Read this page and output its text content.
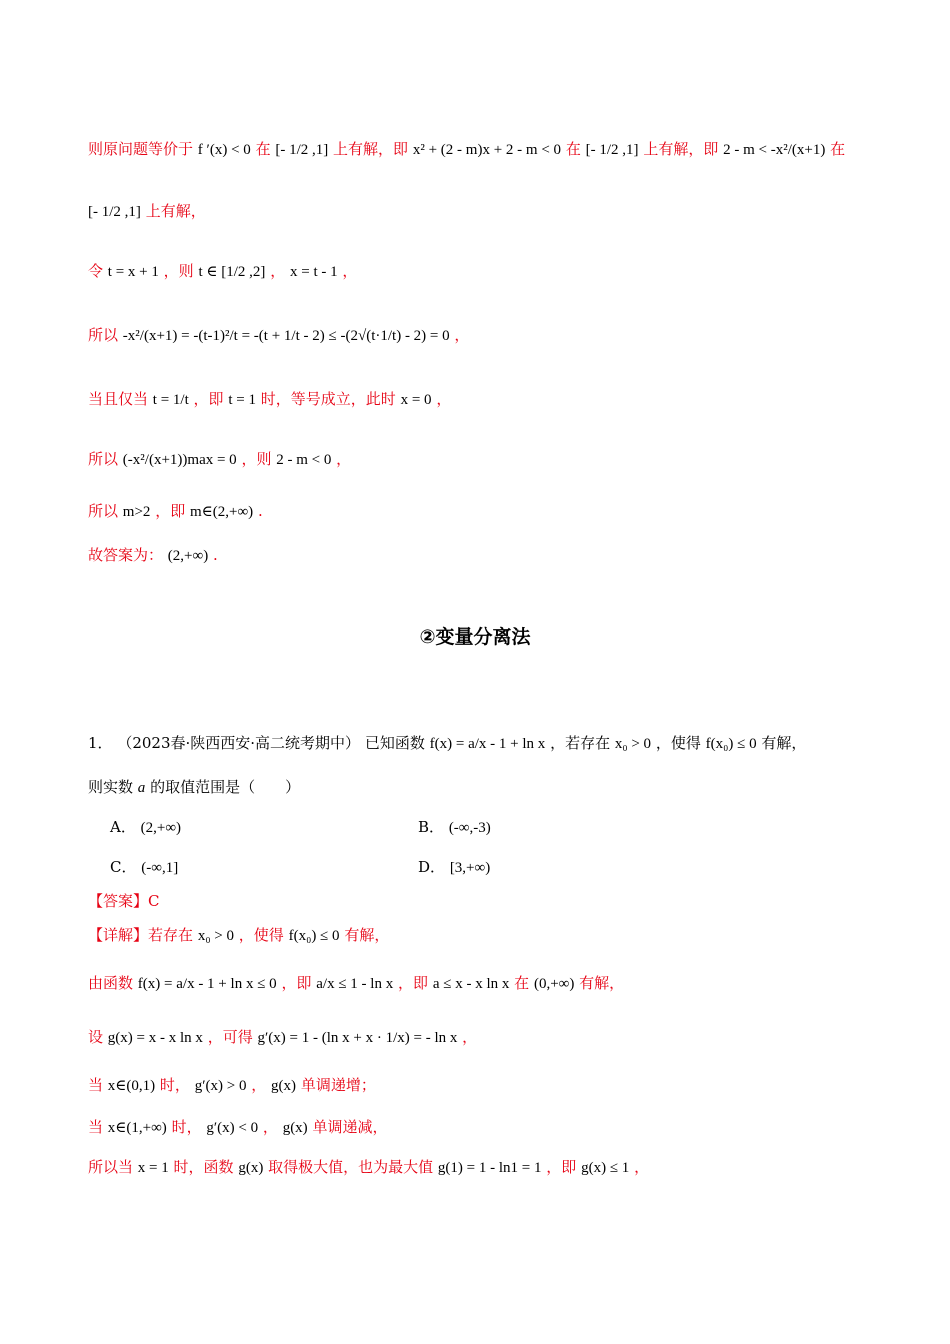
则原问题等价于 f ′(x) < 0 在 [- 1/2 ,1] 上有解，即 x² + (2 - m)x + 2 - m < 0 在 [- 1/2 ,1] 上有解，即 2 - m < -x²/(x+1) 在
[- 1/2 ,1] 上有解，
令 t = x + 1 ，则 t ∈ [1/2 ,2] ， x = t - 1 ，
所以 -x²/(x+1) = -(t-1)²/t = -(t + 1/t - 2) ≤ -(2√(t·1/t) - 2) = 0 ，
当且仅当 t = 1/t ，即 t = 1 时，等号成立，此时 x = 0 ，
所以 (-x²/(x+1))max = 0 ，则 2 - m < 0 ，
所以 m>2 ，即 m∈(2,+∞) .
故答案为： (2,+∞) .
②变量分离法
1． （2023春·陕西西安·高二统考期中） 已知函数 f(x) = a/x - 1 + ln x ，若存在 x₀ > 0 ，使得 f(x₀) ≤ 0 有解，
则实数 a 的取值范围是（　　）
A． (2,+∞)	B． (-∞,-3)
C． (-∞,1]	D． [3,+∞)
【答案】C
【详解】若存在 x₀ > 0 ，使得 f(x₀) ≤ 0 有解，
由函数 f(x) = a/x - 1 + ln x ≤ 0 ，即 a/x ≤ 1 - ln x ，即 a ≤ x - x ln x 在 (0,+∞) 有解，
设 g(x) = x - x ln x ，可得 g′(x) = 1 - (ln x + x · 1/x) = - ln x ，
当 x∈(0,1) 时， g′(x) > 0 ， g(x) 单调递增；
当 x∈(1,+∞) 时， g′(x) < 0 ， g(x) 单调递减，
所以当 x = 1 时，函数 g(x) 取得极大值，也为最大值 g(1) = 1 - ln1 = 1 ，即 g(x) ≤ 1 ，
